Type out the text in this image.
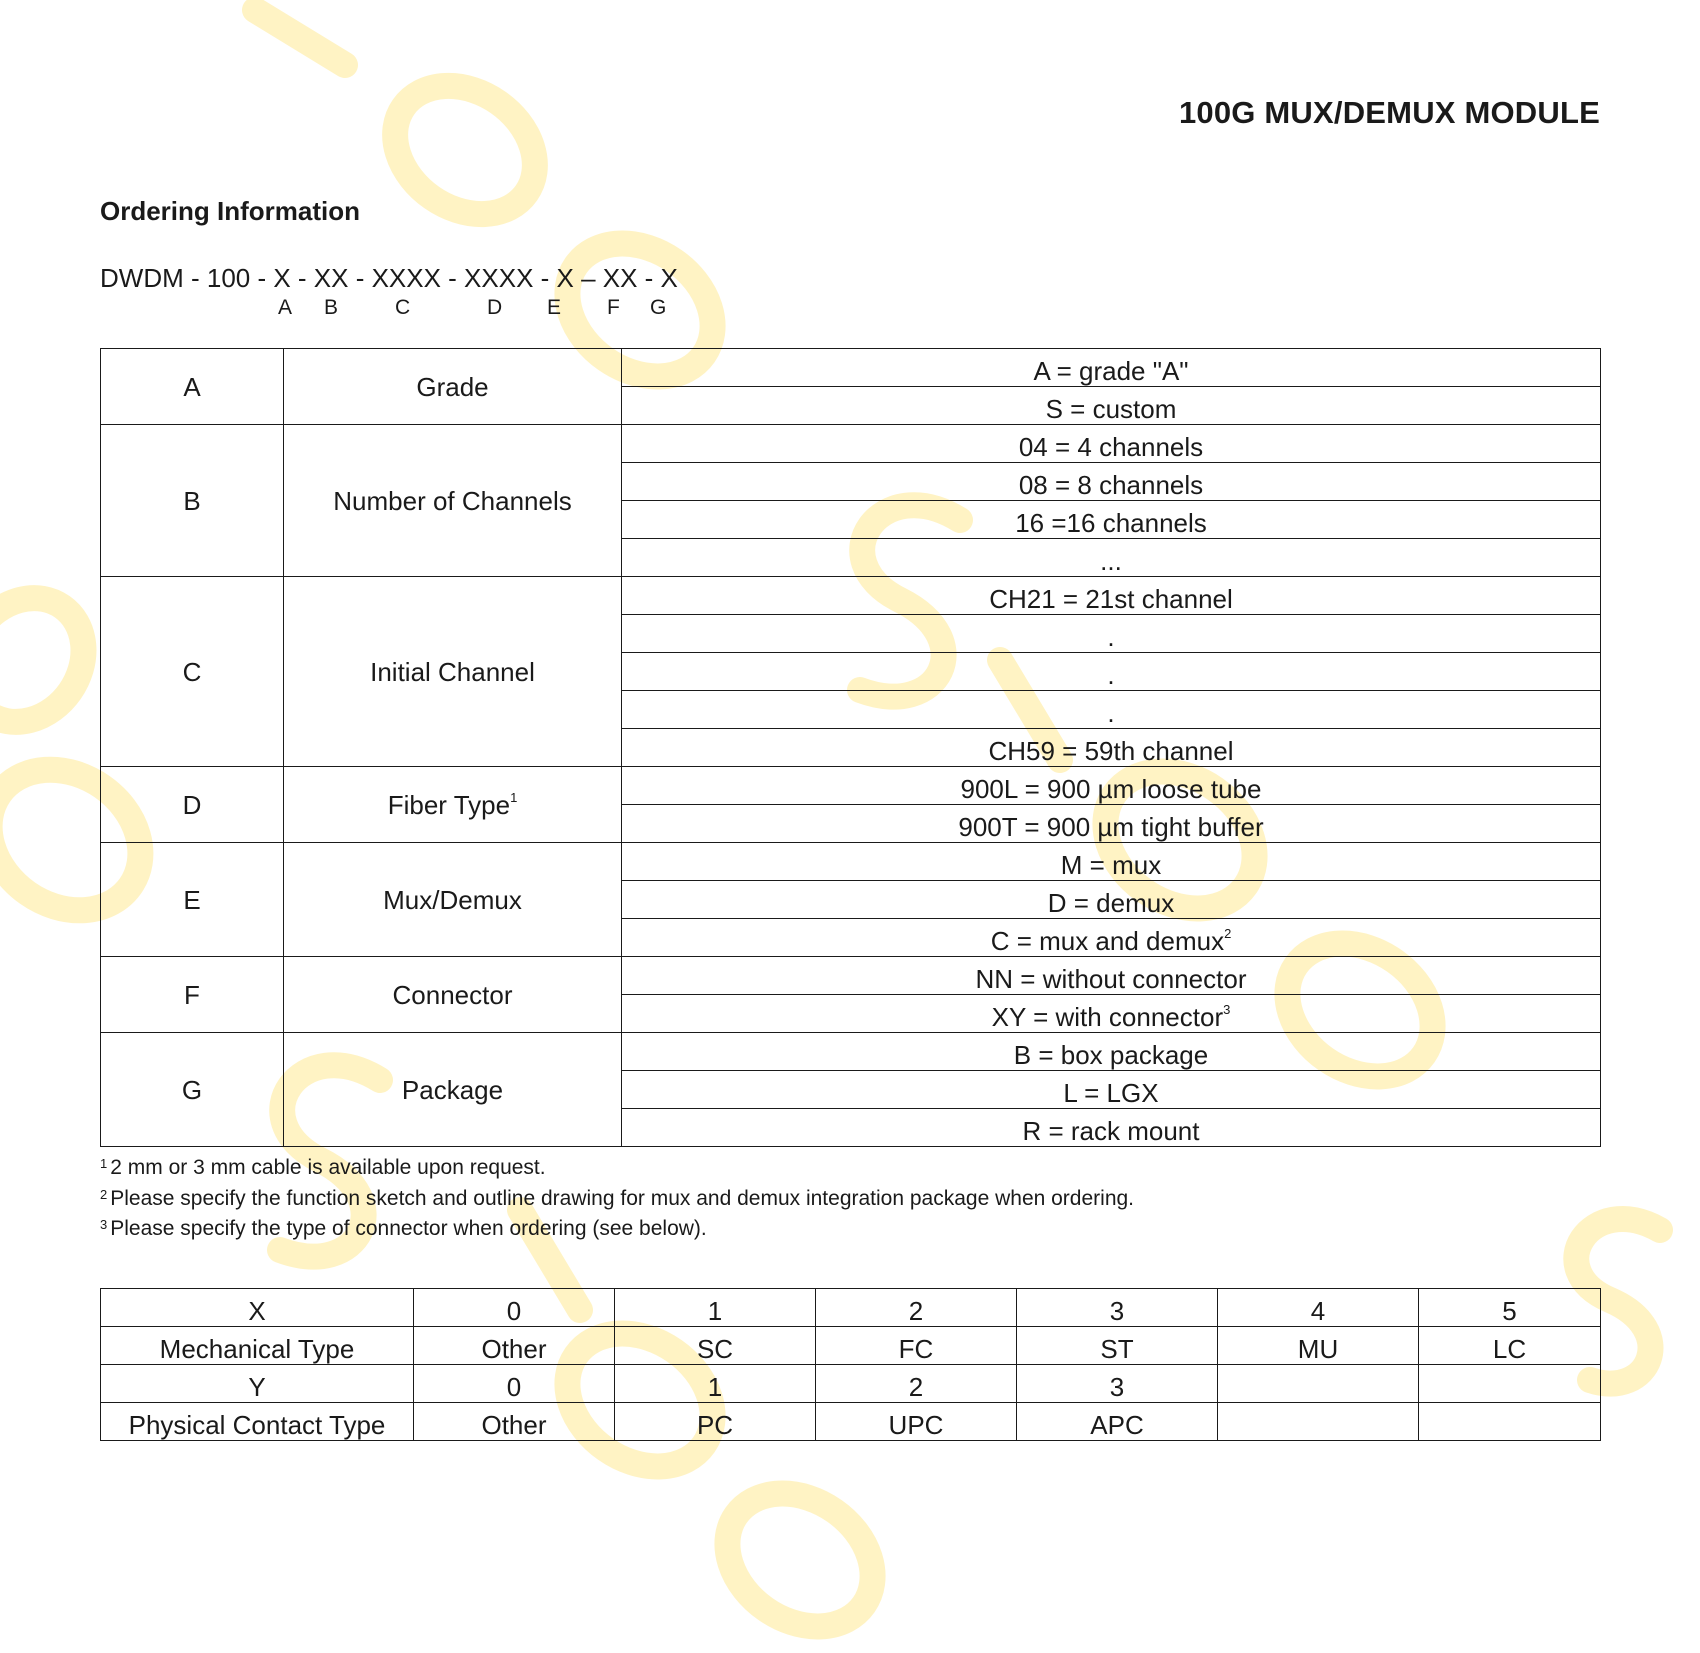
100G MUX/DEMUX MODULE
Ordering Information
DWDM - 100 - X - XX - XXXX - XXXX - X – XX - X
A B	C	D E F G
A	Grade	A = grade "A"
		S = custom
B	Number of Channels	04 = 4 channels
		08 = 8 channels
		16 =16 channels
		...
C	Initial Channel	CH21 = 21st channel
		.
		.
		.
		CH59 = 59th channel
D	Fiber Type$^1$	900L = 900 µm loose tube
		900T = 900 µm tight buffer
E	Mux/Demux	M = mux
		D = demux
		C = mux and demux$^2$
F	Connector	NN = without connector
		XY = with connector$^3$
G	Package	B = box package
		L = LGX
		R = rack mount
$^1$ 2 mm or 3 mm cable is available upon request.
$^2$ Please specify the function sketch and outline drawing for mux and demux integration package when ordering.
$^3$ Please specify the type of connector when ordering (see below).
X	0	1	2	3	4	5
Mechanical Type	Other	SC	FC	ST	MU	LC
Y	0	1	2	3		
Physical Contact Type	Other	PC	UPC	APC		
